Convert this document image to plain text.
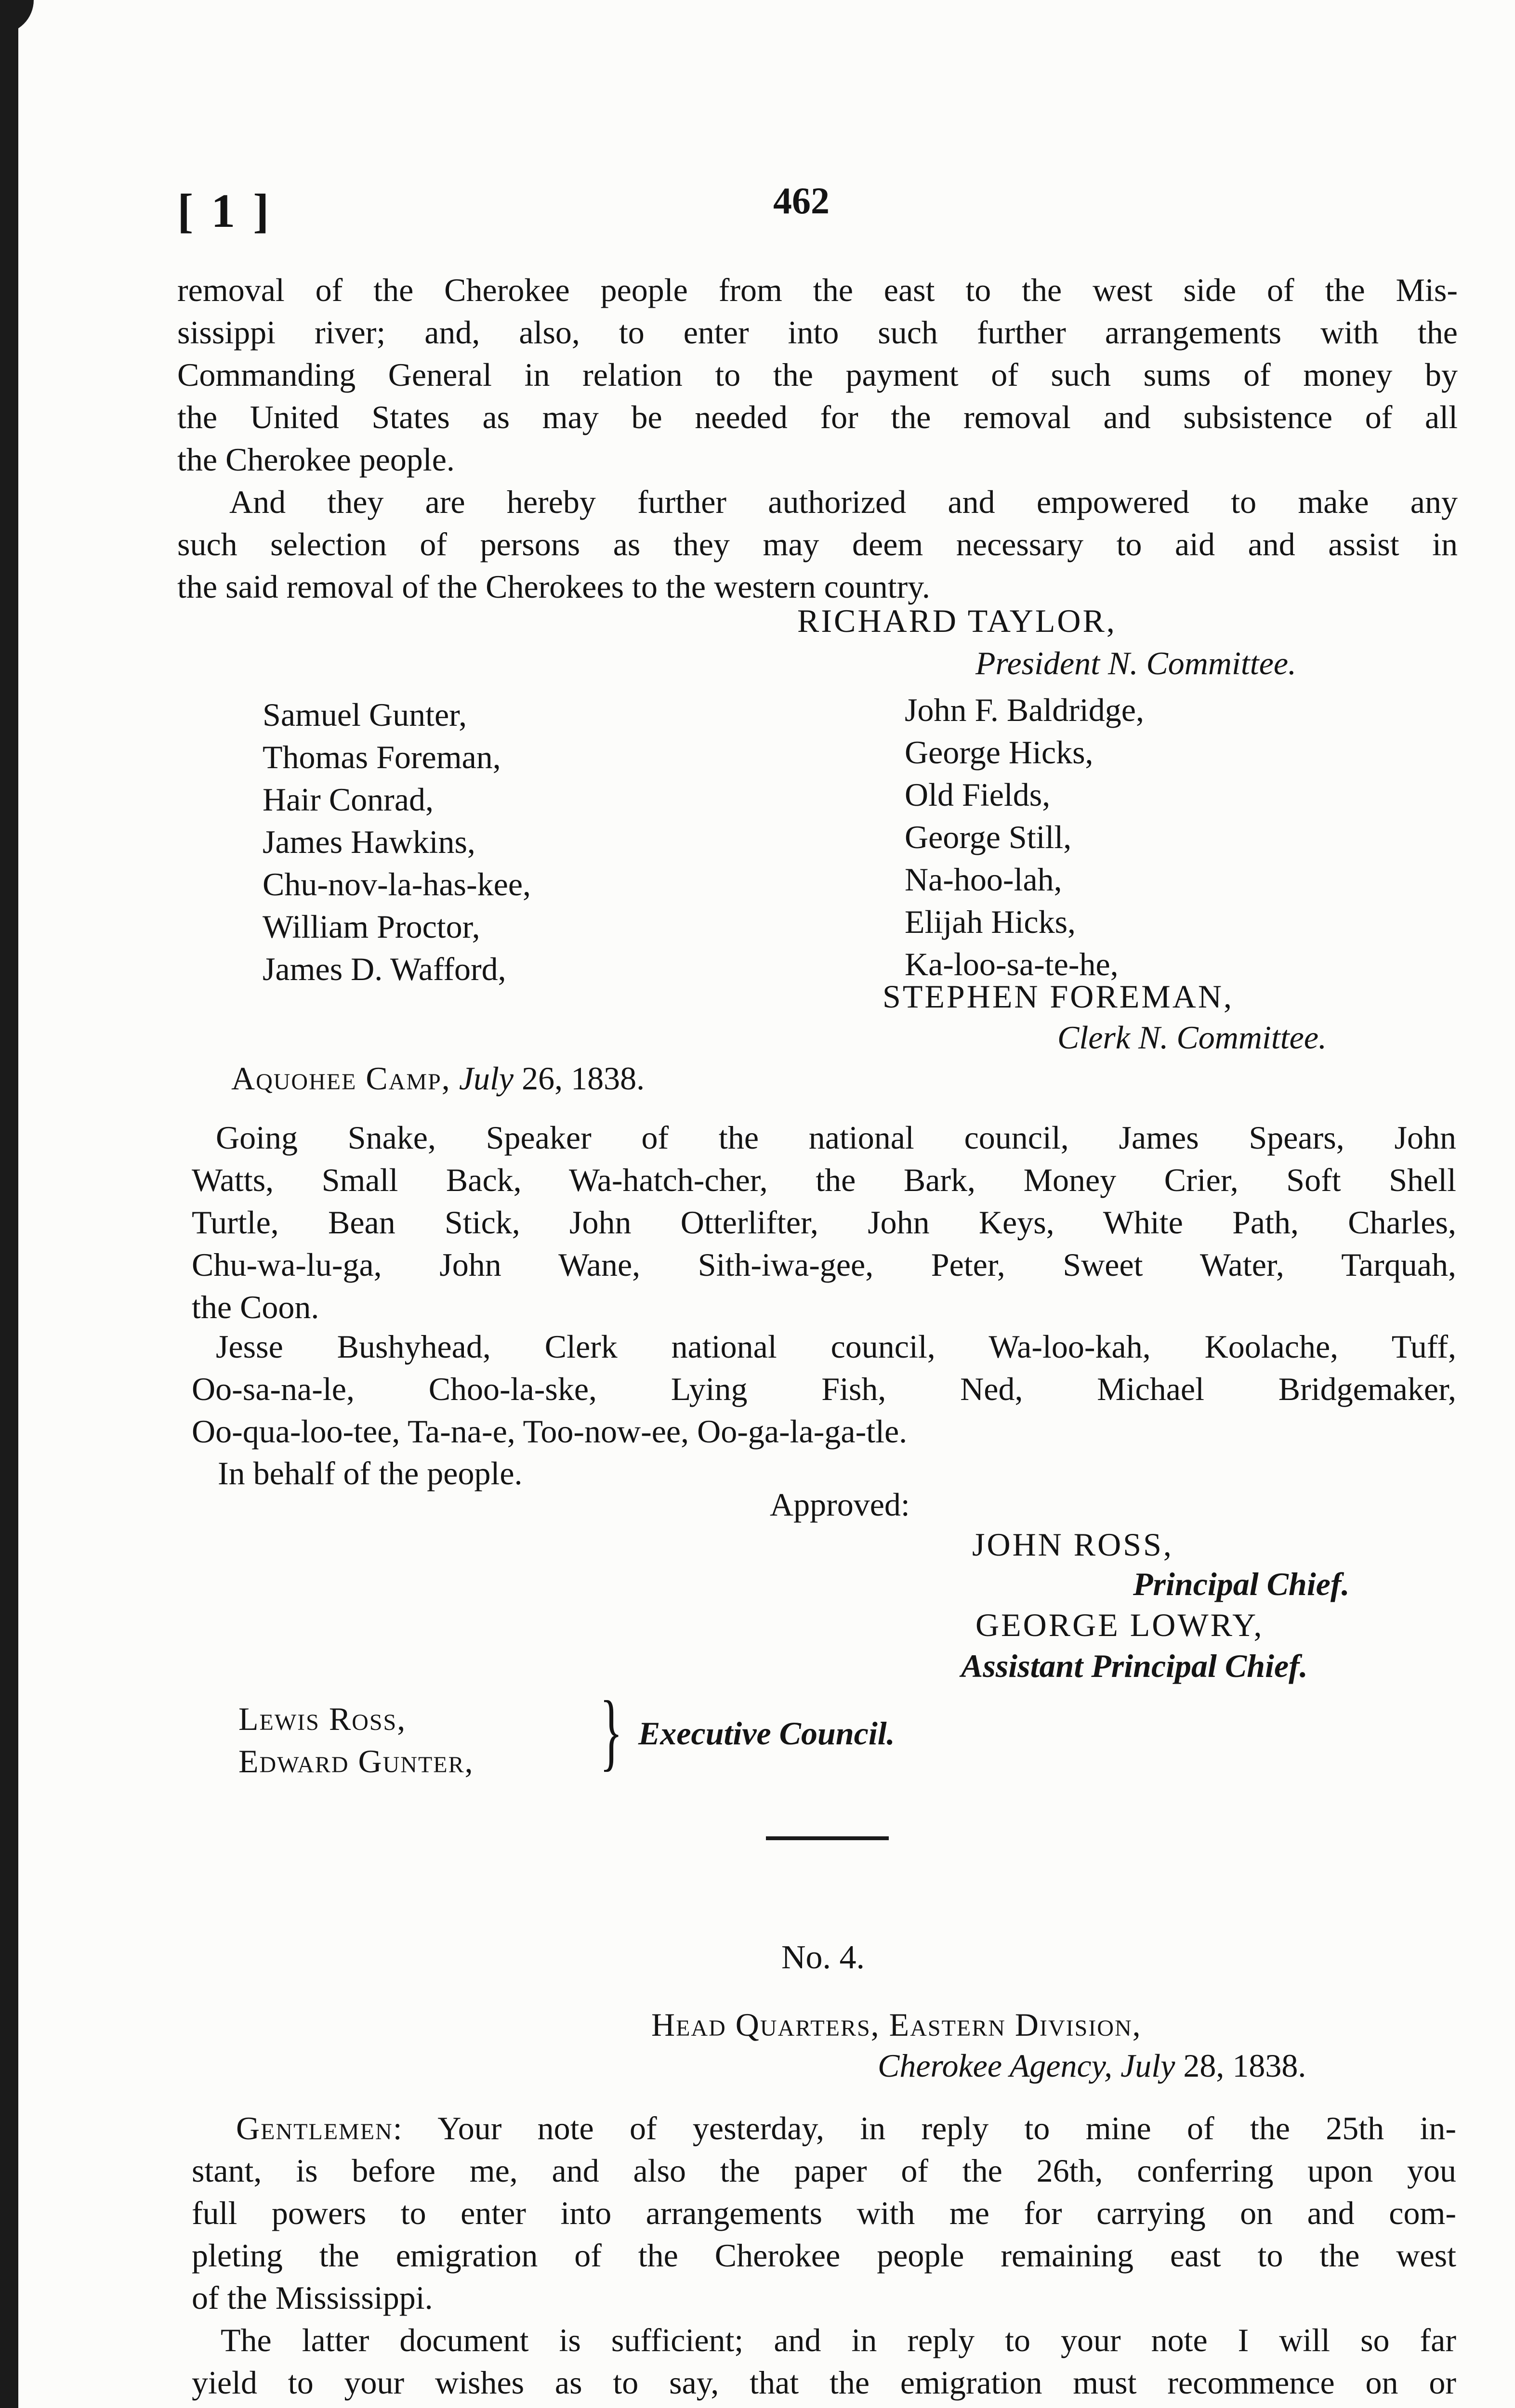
[ 1 ]	462
removal of the Cherokee people from the east to the west side of the Mis-
sissippi river; and, also, to enter into such further arrangements with the
Commanding General in relation to the payment of such sums of money by
the United States as may be needed for the removal and subsistence of all
the Cherokee people.
And they are hereby further authorized and empowered to make any
such selection of persons as they may deem necessary to aid and assist in
the said removal of the Cherokees to the western country.
RICHARD TAYLOR,
President N. Committee.
Samuel Gunter,
Thomas Foreman,
Hair Conrad,
James Hawkins,
Chu-nov-la-has-kee,
William Proctor,
James D. Wafford,
John F. Baldridge,
George Hicks,
Old Fields,
George Still,
Na-hoo-lah,
Elijah Hicks,
Ka-loo-sa-te-he,
STEPHEN FOREMAN,
Clerk N. Committee.
Aquohee Camp, July 26, 1838.
Going Snake, Speaker of the national council, James Spears, John
Watts, Small Back, Wa-hatch-cher, the Bark, Money Crier, Soft Shell
Turtle, Bean Stick, John Otterlifter, John Keys, White Path, Charles,
Chu-wa-lu-ga, John Wane, Sith-iwa-gee, Peter, Sweet Water, Tarquah,
the Coon.
Jesse Bushyhead, Clerk national council, Wa-loo-kah, Koolache, Tuff,
Oo-sa-na-le, Choo-la-ske, Lying Fish, Ned, Michael Bridgemaker,
Oo-qua-loo-tee, Ta-na-e, Too-now-ee, Oo-ga-la-ga-tle.
In behalf of the people.
Approved:
JOHN ROSS,
Principal Chief.
GEORGE LOWRY,
Assistant Principal Chief.
Lewis Ross,
Edward Gunter, } Executive Council.
No. 4.
Head Quarters, Eastern Division,
Cherokee Agency, July 28, 1838.
Gentlemen: Your note of yesterday, in reply to mine of the 25th in-
stant, is before me, and also the paper of the 26th, conferring upon you
full powers to enter into arrangements with me for carrying on and com-
pleting the emigration of the Cherokee people remaining east to the west
of the Mississippi.
The latter document is sufficient; and in reply to your note I will so far
yield to your wishes as to say, that the emigration must recommence on or
